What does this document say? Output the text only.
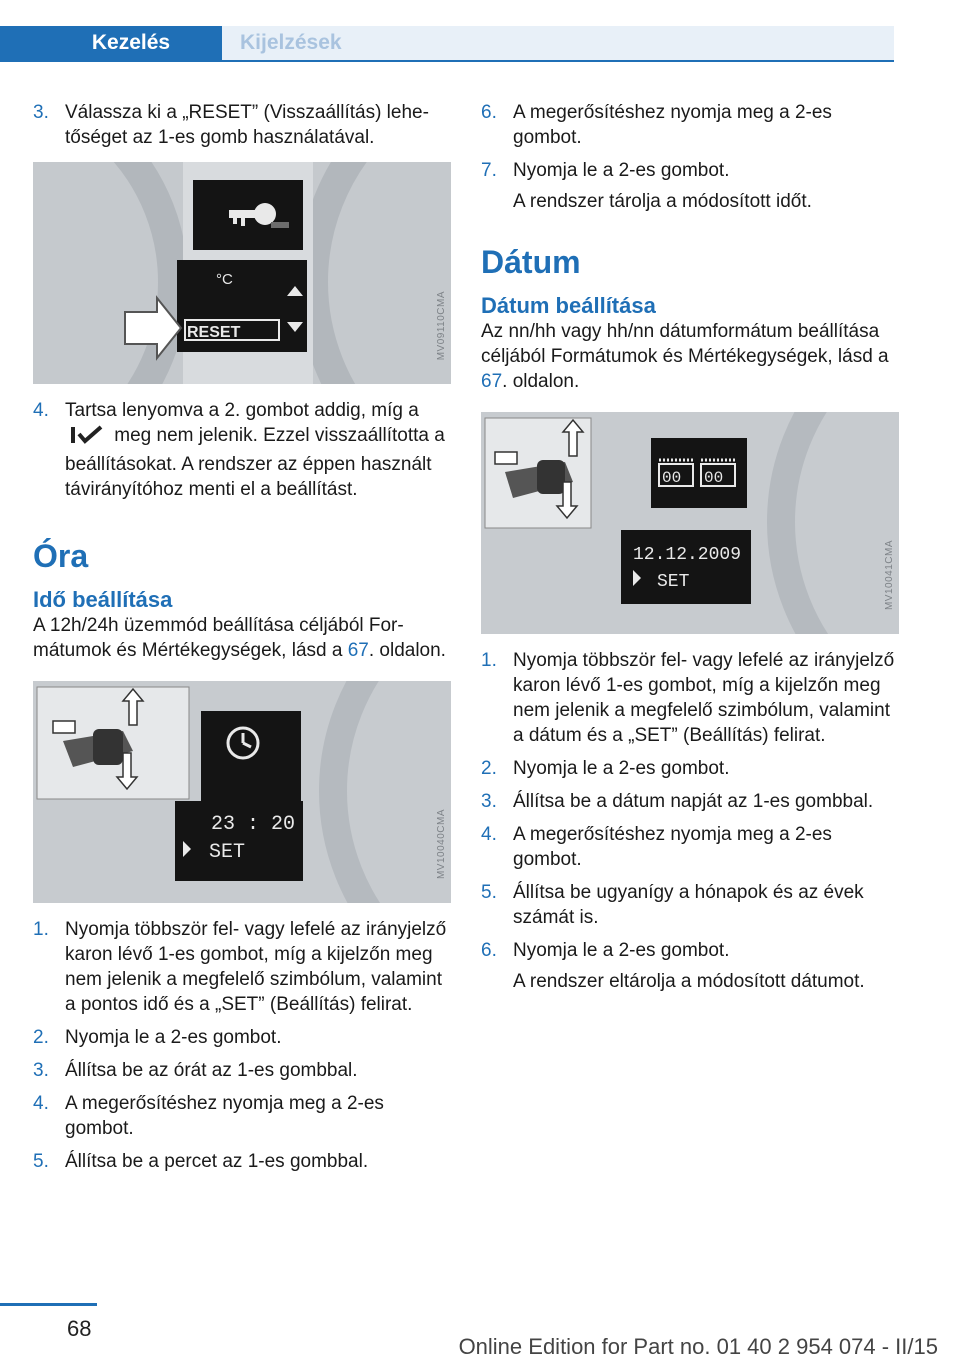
Kezelés	Kijelzések
3. Válassza ki a „RESET” (Visszaállítás) lehetőséget az 1-es gomb használatával.
°C
RESET	MV09110CMA
4. Tartsa lenyomva a 2. gombot addig, míg a  meg nem jelenik. Ezzel visszaállította a beállításokat. A rendszer az éppen használt távirányítóhoz menti el a beállítást.

Óra

Idő beállítása

A 12h/24h üzemmód beállítása céljából Formátumok és Mértékegységek, lásd a 67. oldalon.

23 : 20
SET	MV10040CMA
1. Nyomja többször fel- vagy lefelé az irányjelző karon lévő 1-es gombot, míg a kijelzőn meg nem jelenik a megfelelő szimbólum, valamint a pontos idő és a „SET” (Beállítás) felirat.
2. Nyomja le a 2-es gombot.
3. Állítsa be az órát az 1-es gombbal.
4. A megerősítéshez nyomja meg a 2-es gombot.
5. Állítsa be a percet az 1-es gombbal.
6. A megerősítéshez nyomja meg a 2-es gombot.
7. Nyomja le a 2-es gombot.
A rendszer tárolja a módosított időt.

Dátum

Dátum beállítása

Az nn/hh vagy hh/nn dátumformátum beállítása céljából Formátumok és Mértékegységek, lásd a 67. oldalon.

00 00
12.12.2009
SET	MV10041CMA
1. Nyomja többször fel- vagy lefelé az irányjelző karon lévő 1-es gombot, míg a kijelzőn meg nem jelenik a megfelelő szimbólum, valamint a dátum és a „SET” (Beállítás) felirat.
2. Nyomja le a 2-es gombot.
3. Állítsa be a dátum napját az 1-es gombbal.
4. A megerősítéshez nyomja meg a 2-es gombot.
5. Állítsa be ugyanígy a hónapok és az évek számát is.
6. Nyomja le a 2-es gombot.
A rendszer eltárolja a módosított dátumot.
68
Online Edition for Part no. 01 40 2 954 074 - II/15
